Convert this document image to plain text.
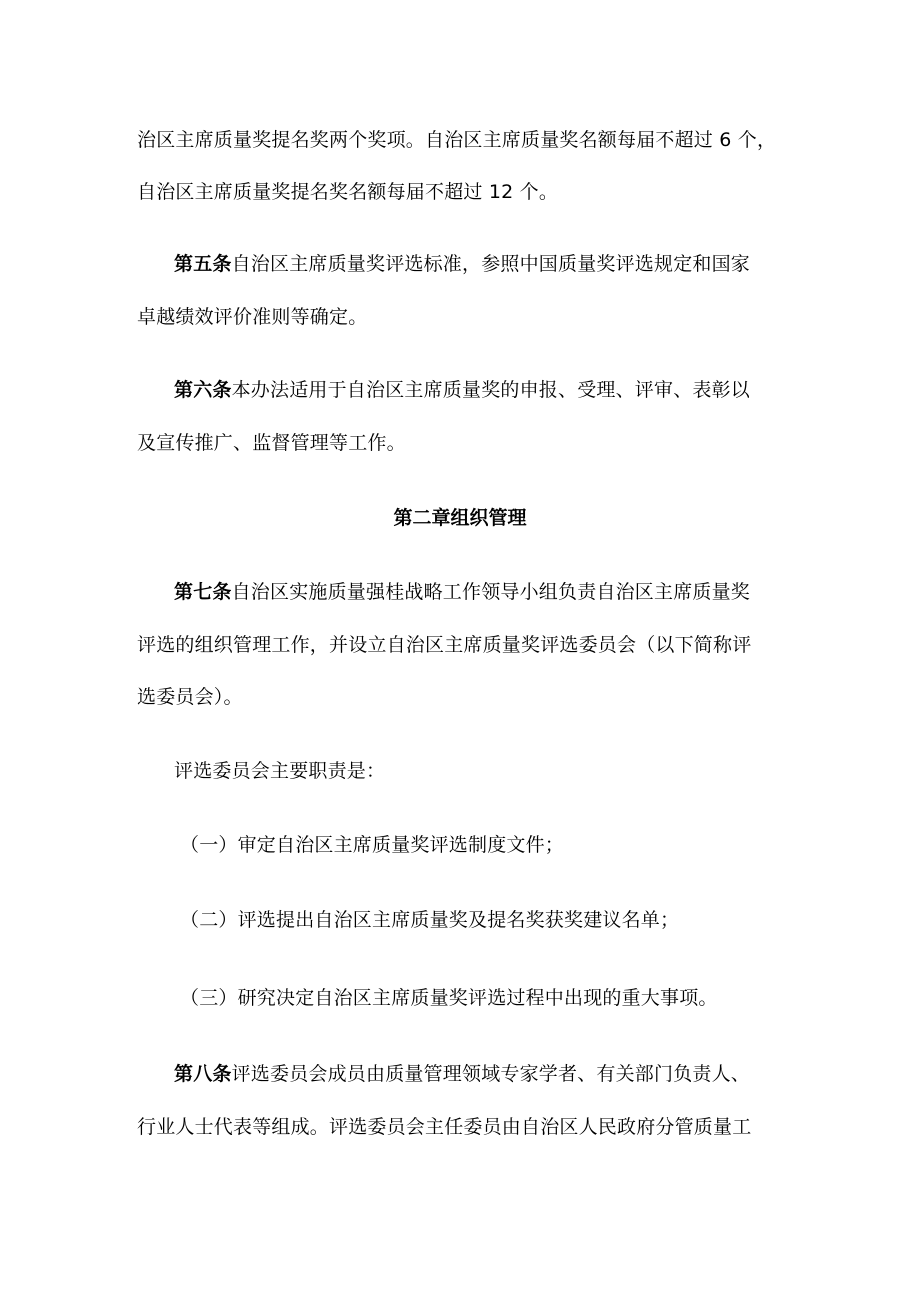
治区主席质量奖提名奖两个奖项。自治区主席质量奖名额每届不超过 6 个，
自治区主席质量奖提名奖名额每届不超过 12 个。
第五条自治区主席质量奖评选标准，参照中国质量奖评选规定和国家
卓越绩效评价准则等确定。
第六条本办法适用于自治区主席质量奖的申报、受理、评审、表彰以
及宣传推广、监督管理等工作。
第二章组织管理
第七条自治区实施质量强桂战略工作领导小组负责自治区主席质量奖
评选的组织管理工作，并设立自治区主席质量奖评选委员会（以下简称评
选委员会）。
评选委员会主要职责是：
（一）审定自治区主席质量奖评选制度文件；
（二）评选提出自治区主席质量奖及提名奖获奖建议名单；
（三）研究决定自治区主席质量奖评选过程中出现的重大事项。
第八条评选委员会成员由质量管理领域专家学者、有关部门负责人、
行业人士代表等组成。评选委员会主任委员由自治区人民政府分管质量工
